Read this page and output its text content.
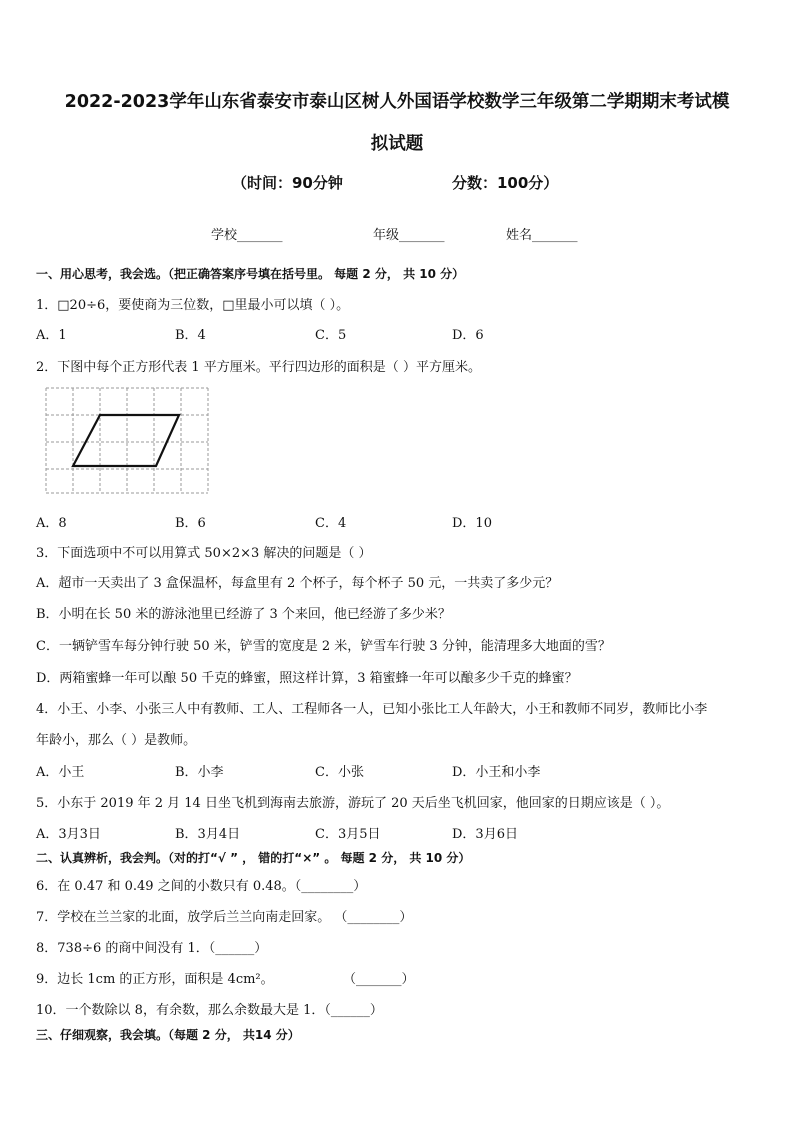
2022-2023学年山东省泰安市泰山区树人外国语学校数学三年级第二学期期末考试模
拟试题
（时间：90分钟	分数：100分）
学校_______	年级_______	姓名_______
一、用心思考，我会选。（把正确答案序号填在括号里。 每题 2 分， 共 10 分）
1．□20÷6，要使商为三位数，□里最小可以填（ ）。
A．1	B．4	C．5	D．6
2．下图中每个正方形代表 1 平方厘米。平行四边形的面积是（ ）平方厘米。
A．8	B．6	C．4	D．10
3．下面选项中不可以用算式 50×2×3 解决的问题是（ ）
A．超市一天卖出了 3 盒保温杯，每盒里有 2 个杯子，每个杯子 50 元，一共卖了多少元？
B．小明在长 50 米的游泳池里已经游了 3 个来回，他已经游了多少米？
C．一辆铲雪车每分钟行驶 50 米，铲雪的宽度是 2 米，铲雪车行驶 3 分钟，能清理多大地面的雪？
D．两箱蜜蜂一年可以酿 50 千克的蜂蜜，照这样计算，3 箱蜜蜂一年可以酿多少千克的蜂蜜？
4．小王、小李、小张三人中有教师、工人、工程师各一人，已知小张比工人年龄大，小王和教师不同岁，教师比小李
年龄小，那么（ ）是教师。
A．小王	B．小李	C．小张	D．小王和小李
5．小东于 2019 年 2 月 14 日坐飞机到海南去旅游，游玩了 20 天后坐飞机回家，他回家的日期应该是（ ）。
A．3月3日	B．3月4日	C．3月5日	D．3月6日
二、认真辨析，我会判。（对的打“√ ” ， 错的打“×” 。 每题 2 分， 共 10 分）
6．在 0.47 和 0.49 之间的小数只有 0.48。（________）
7．学校在兰兰家的北面，放学后兰兰向南走回家。 （________）
8．738÷6 的商中间没有 1．（______）
9．边长 1cm 的正方形，面积是 4cm²。	（_______）
10．一个数除以 8，有余数，那么余数最大是 1．（______）
三、仔细观察，我会填。（每题 2 分， 共14 分）
